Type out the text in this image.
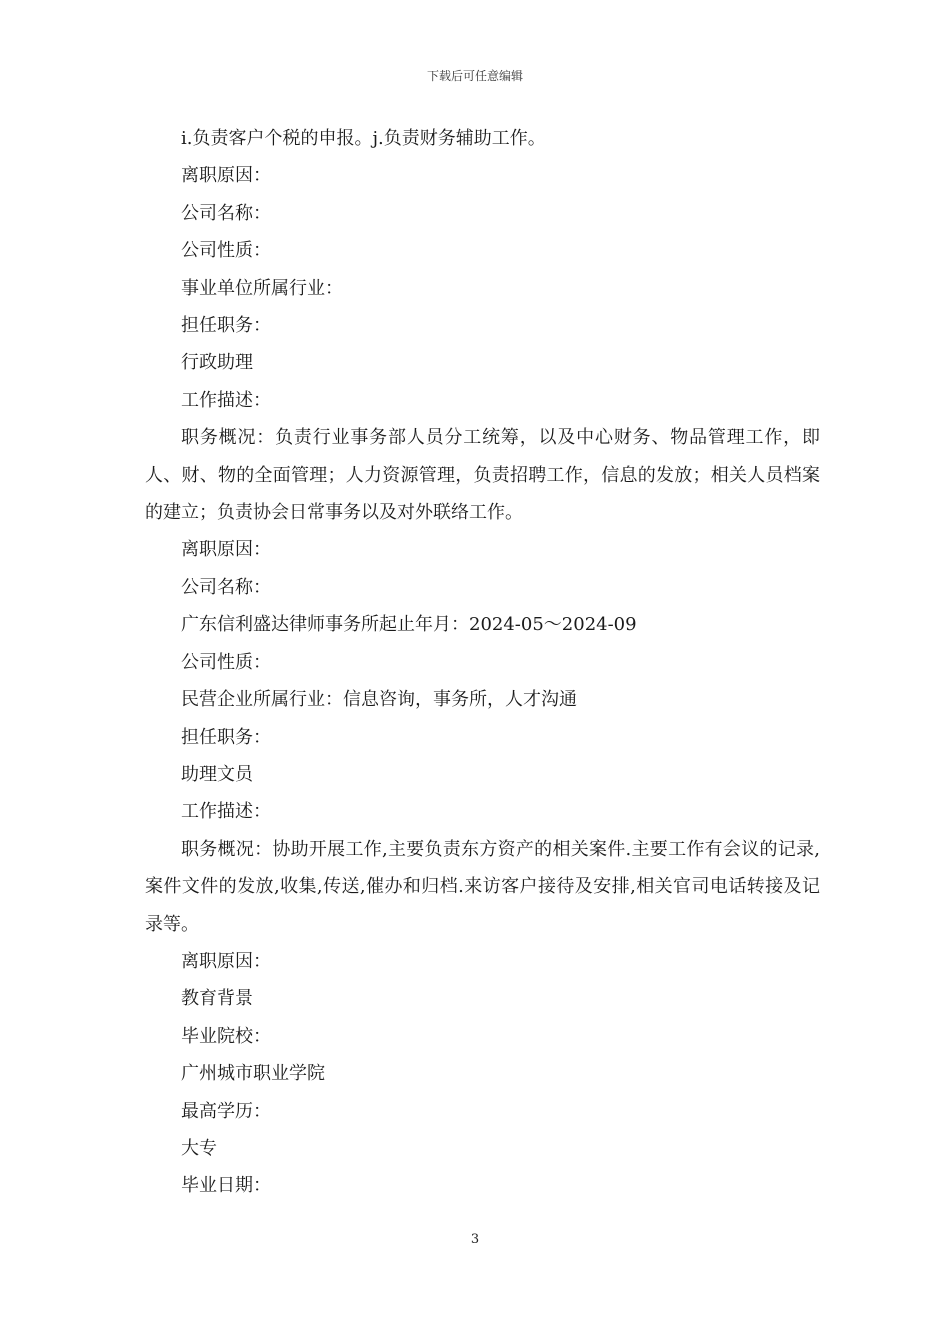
下载后可任意编辑

i.负责客户个税的申报。j.负责财务辅助工作。

离职原因：

公司名称：

公司性质：

事业单位所属行业：

担任职务：

行政助理

工作描述：

职务概况：负责行业事务部人员分工统筹，以及中心财务、物品管理工作，即人、财、物的全面管理；人力资源管理，负责招聘工作，信息的发放；相关人员档案的建立；负责协会日常事务以及对外联络工作。

离职原因：

公司名称：

广东信利盛达律师事务所起止年月：2024-05～2024-09

公司性质：

民营企业所属行业：信息咨询，事务所，人才沟通

担任职务：

助理文员

工作描述：

职务概况：协助开展工作,主要负责东方资产的相关案件.主要工作有会议的记录,案件文件的发放,收集,传送,催办和归档.来访客户接待及安排,相关官司电话转接及记录等。

离职原因：

教育背景

毕业院校：

广州城市职业学院

最高学历：

大专

毕业日期：

3
